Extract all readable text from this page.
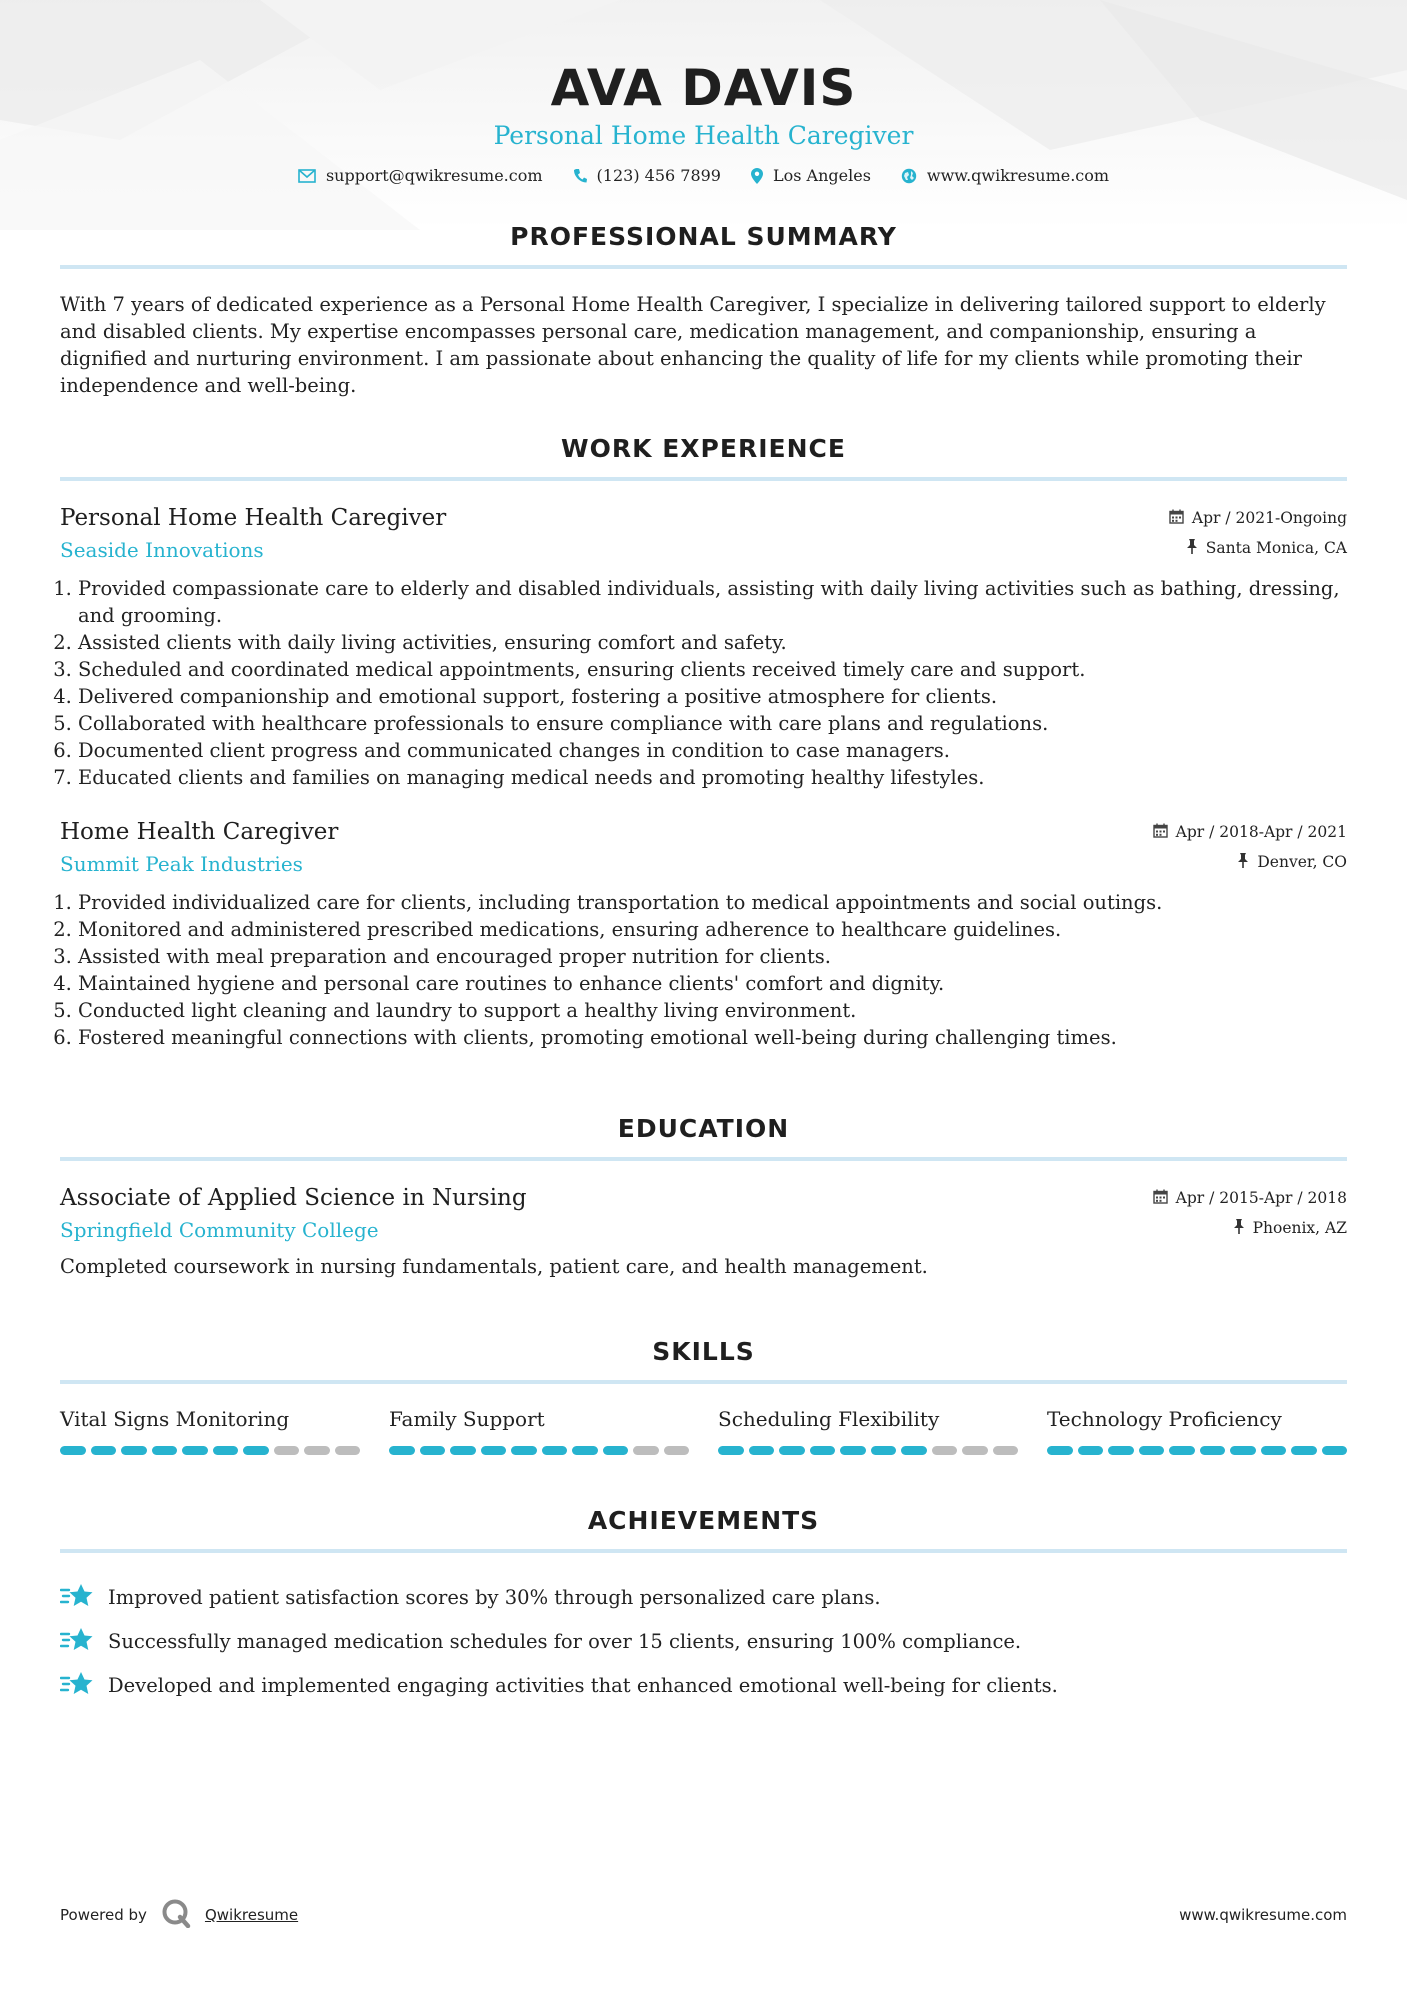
AVA DAVIS
Personal Home Health Caregiver
support@qwikresume.com	(123) 456 7899	Los Angeles	www.qwikresume.com
PROFESSIONAL SUMMARY

With 7 years of dedicated experience as a Personal Home Health Caregiver, I specialize in delivering tailored support to elderly and disabled clients. My expertise encompasses personal care, medication management, and companionship, ensuring a dignified and nurturing environment. I am passionate about enhancing the quality of life for my clients while promoting their independence and well-being.

WORK EXPERIENCE
Personal Home Health Caregiver
Seaside Innovations
Apr / 2021-Ongoing
Santa Monica, CA
1. Provided compassionate care to elderly and disabled individuals, assisting with daily living activities such as bathing, dressing, and grooming.
2. Assisted clients with daily living activities, ensuring comfort and safety.
3. Scheduled and coordinated medical appointments, ensuring clients received timely care and support.
4. Delivered companionship and emotional support, fostering a positive atmosphere for clients.
5. Collaborated with healthcare professionals to ensure compliance with care plans and regulations.
6. Documented client progress and communicated changes in condition to case managers.
7. Educated clients and families on managing medical needs and promoting healthy lifestyles.
Home Health Caregiver
Summit Peak Industries
Apr / 2018-Apr / 2021
Denver, CO
1. Provided individualized care for clients, including transportation to medical appointments and social outings.
2. Monitored and administered prescribed medications, ensuring adherence to healthcare guidelines.
3. Assisted with meal preparation and encouraged proper nutrition for clients.
4. Maintained hygiene and personal care routines to enhance clients' comfort and dignity.
5. Conducted light cleaning and laundry to support a healthy living environment.
6. Fostered meaningful connections with clients, promoting emotional well-being during challenging times.
EDUCATION
Associate of Applied Science in Nursing
Springfield Community College
Apr / 2015-Apr / 2018
Phoenix, AZ

Completed coursework in nursing fundamentals, patient care, and health management.

SKILLS
Vital Signs Monitoring	Family Support	Scheduling Flexibility	Technology Proficiency
ACHIEVEMENTS
Improved patient satisfaction scores by 30% through personalized care plans.
Successfully managed medication schedules for over 15 clients, ensuring 100% compliance.
Developed and implemented engaging activities that enhanced emotional well-being for clients.
Powered by	Qwikresume	www.qwikresume.com
